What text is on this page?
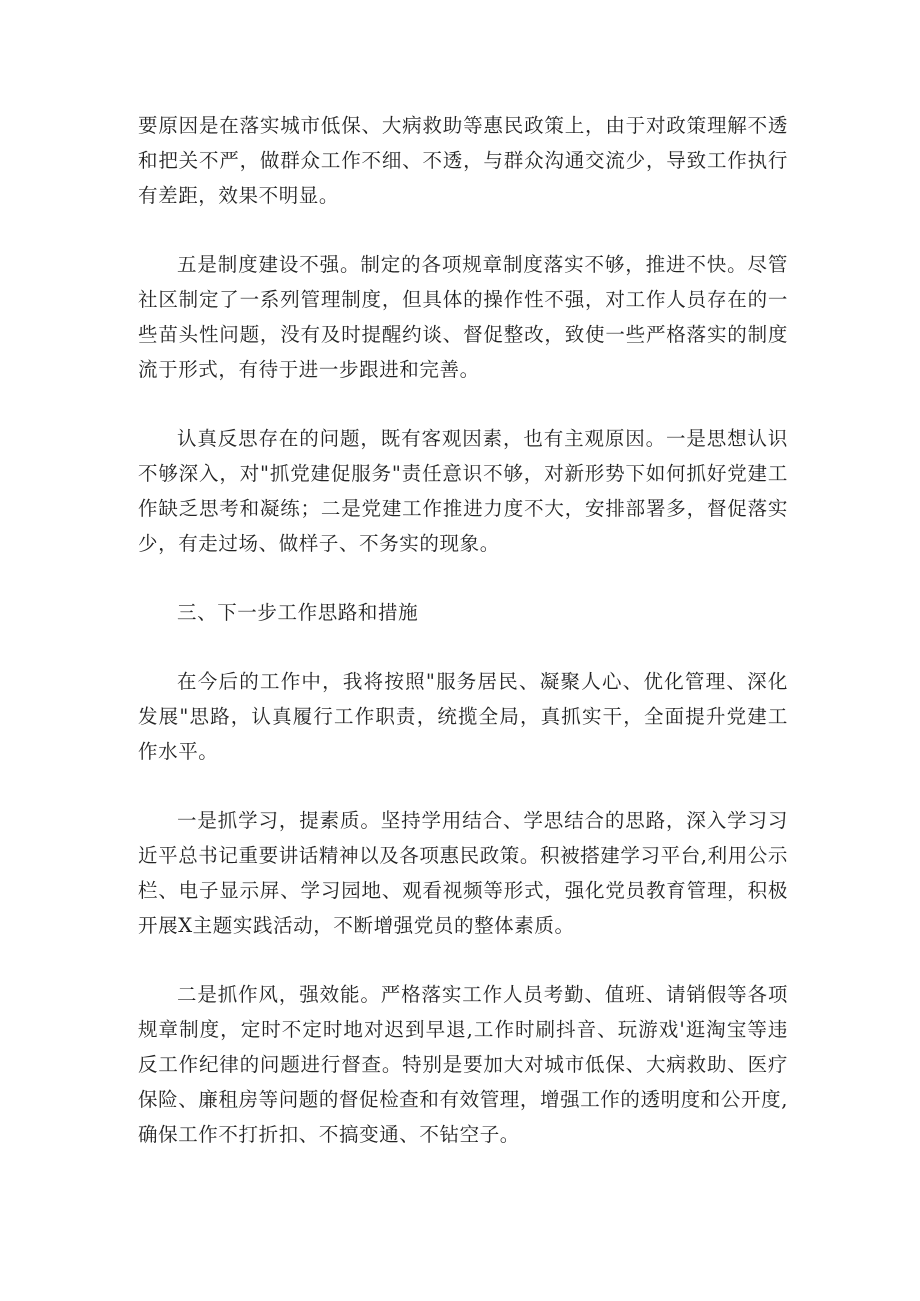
要原因是在落实城市低保、大病救助等惠民政策上，由于对政策理解不透和把关不严，做群众工作不细、不透，与群众沟通交流少，导致工作执行有差距，效果不明显。

五是制度建设不强。制定的各项规章制度落实不够，推进不快。尽管社区制定了一系列管理制度，但具体的操作性不强，对工作人员存在的一些苗头性问题，没有及时提醒约谈、督促整改，致使一些严格落实的制度流于形式，有待于进一步跟进和完善。

认真反思存在的问题，既有客观因素，也有主观原因。一是思想认识不够深入，对"抓党建促服务"责任意识不够，对新形势下如何抓好党建工作缺乏思考和凝练；二是党建工作推进力度不大，安排部署多，督促落实少，有走过场、做样子、不务实的现象。

三、下一步工作思路和措施

在今后的工作中，我将按照"服务居民、凝聚人心、优化管理、深化发展"思路，认真履行工作职责，统揽全局，真抓实干，全面提升党建工作水平。

一是抓学习，提素质。坚持学用结合、学思结合的思路，深入学习习近平总书记重要讲话精神以及各项惠民政策。积被搭建学习平台,利用公示栏、电子显示屏、学习园地、观看视频等形式，强化党员教育管理，积极开展X主题实践活动，不断增强党员的整体素质。

二是抓作风，强效能。严格落实工作人员考勤、值班、请销假等各项规章制度，定时不定时地对迟到早退,工作时刷抖音、玩游戏'逛淘宝等违反工作纪律的问题进行督查。特别是要加大对城市低保、大病救助、医疗保险、廉租房等问题的督促检查和有效管理，增强工作的透明度和公开度,确保工作不打折扣、不搞变通、不钻空子。
